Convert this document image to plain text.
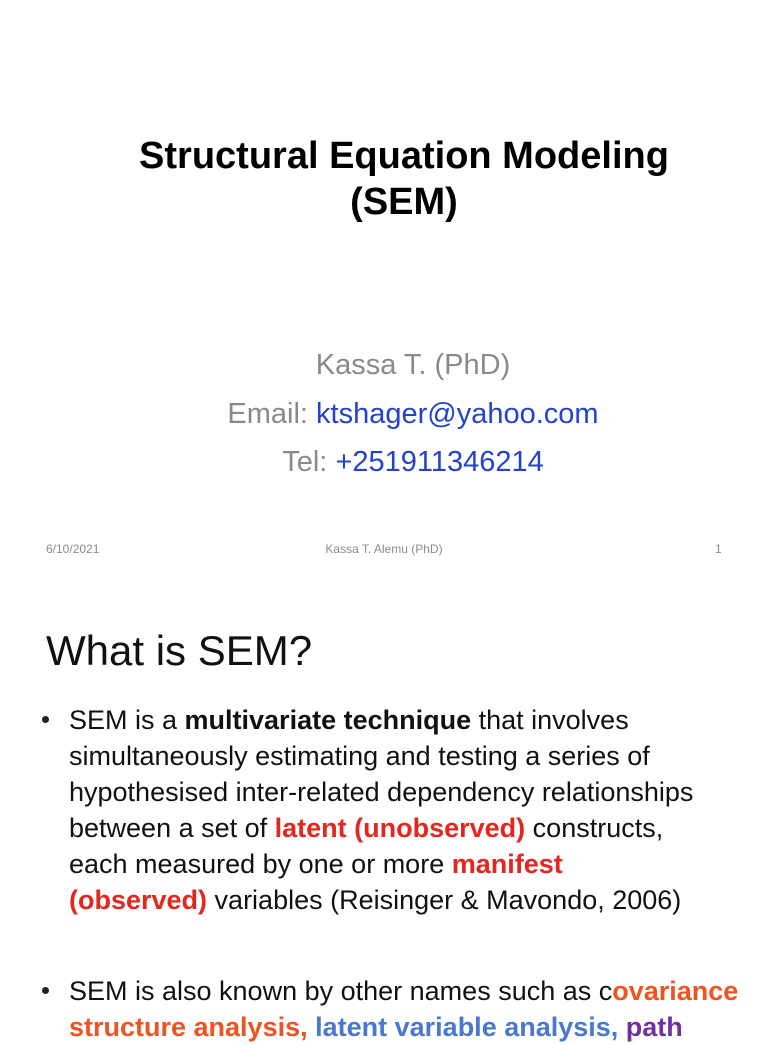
Structural Equation Modeling
(SEM)
Kassa T. (PhD)
Email: ktshager@yahoo.com
Tel: +251911346214
6/10/2021	Kassa T. Alemu (PhD)	1
What is SEM?
SEM is a multivariate technique that involves
simultaneously estimating and testing a series of
hypothesised inter-related dependency relationships
between a set of latent (unobserved) constructs,
each measured by one or more manifest
(observed) variables (Reisinger & Mavondo, 2006)
SEM is also known by other names such as covariance
structure analysis, latent variable analysis, path
